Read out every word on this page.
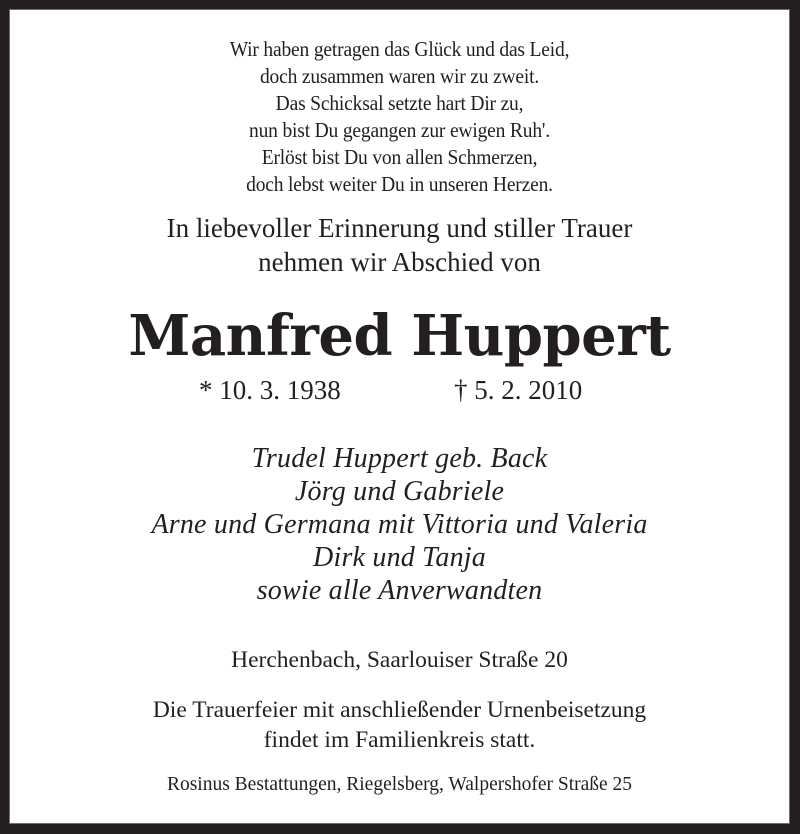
Wir haben getragen das Glück und das Leid,
doch zusammen waren wir zu zweit.
Das Schicksal setzte hart Dir zu,
nun bist Du gegangen zur ewigen Ruh'.
Erlöst bist Du von allen Schmerzen,
doch lebst weiter Du in unseren Herzen.
In liebevoller Erinnerung und stiller Trauer
nehmen wir Abschied von
Manfred Huppert
* 10. 3. 1938	† 5. 2. 2010
Trudel Huppert geb. Back
Jörg und Gabriele
Arne und Germana mit Vittoria und Valeria
Dirk und Tanja
sowie alle Anverwandten
Herchenbach, Saarlouiser Straße 20
Die Trauerfeier mit anschließender Urnenbeisetzung
findet im Familienkreis statt.
Rosinus Bestattungen, Riegelsberg, Walpershofer Straße 25
